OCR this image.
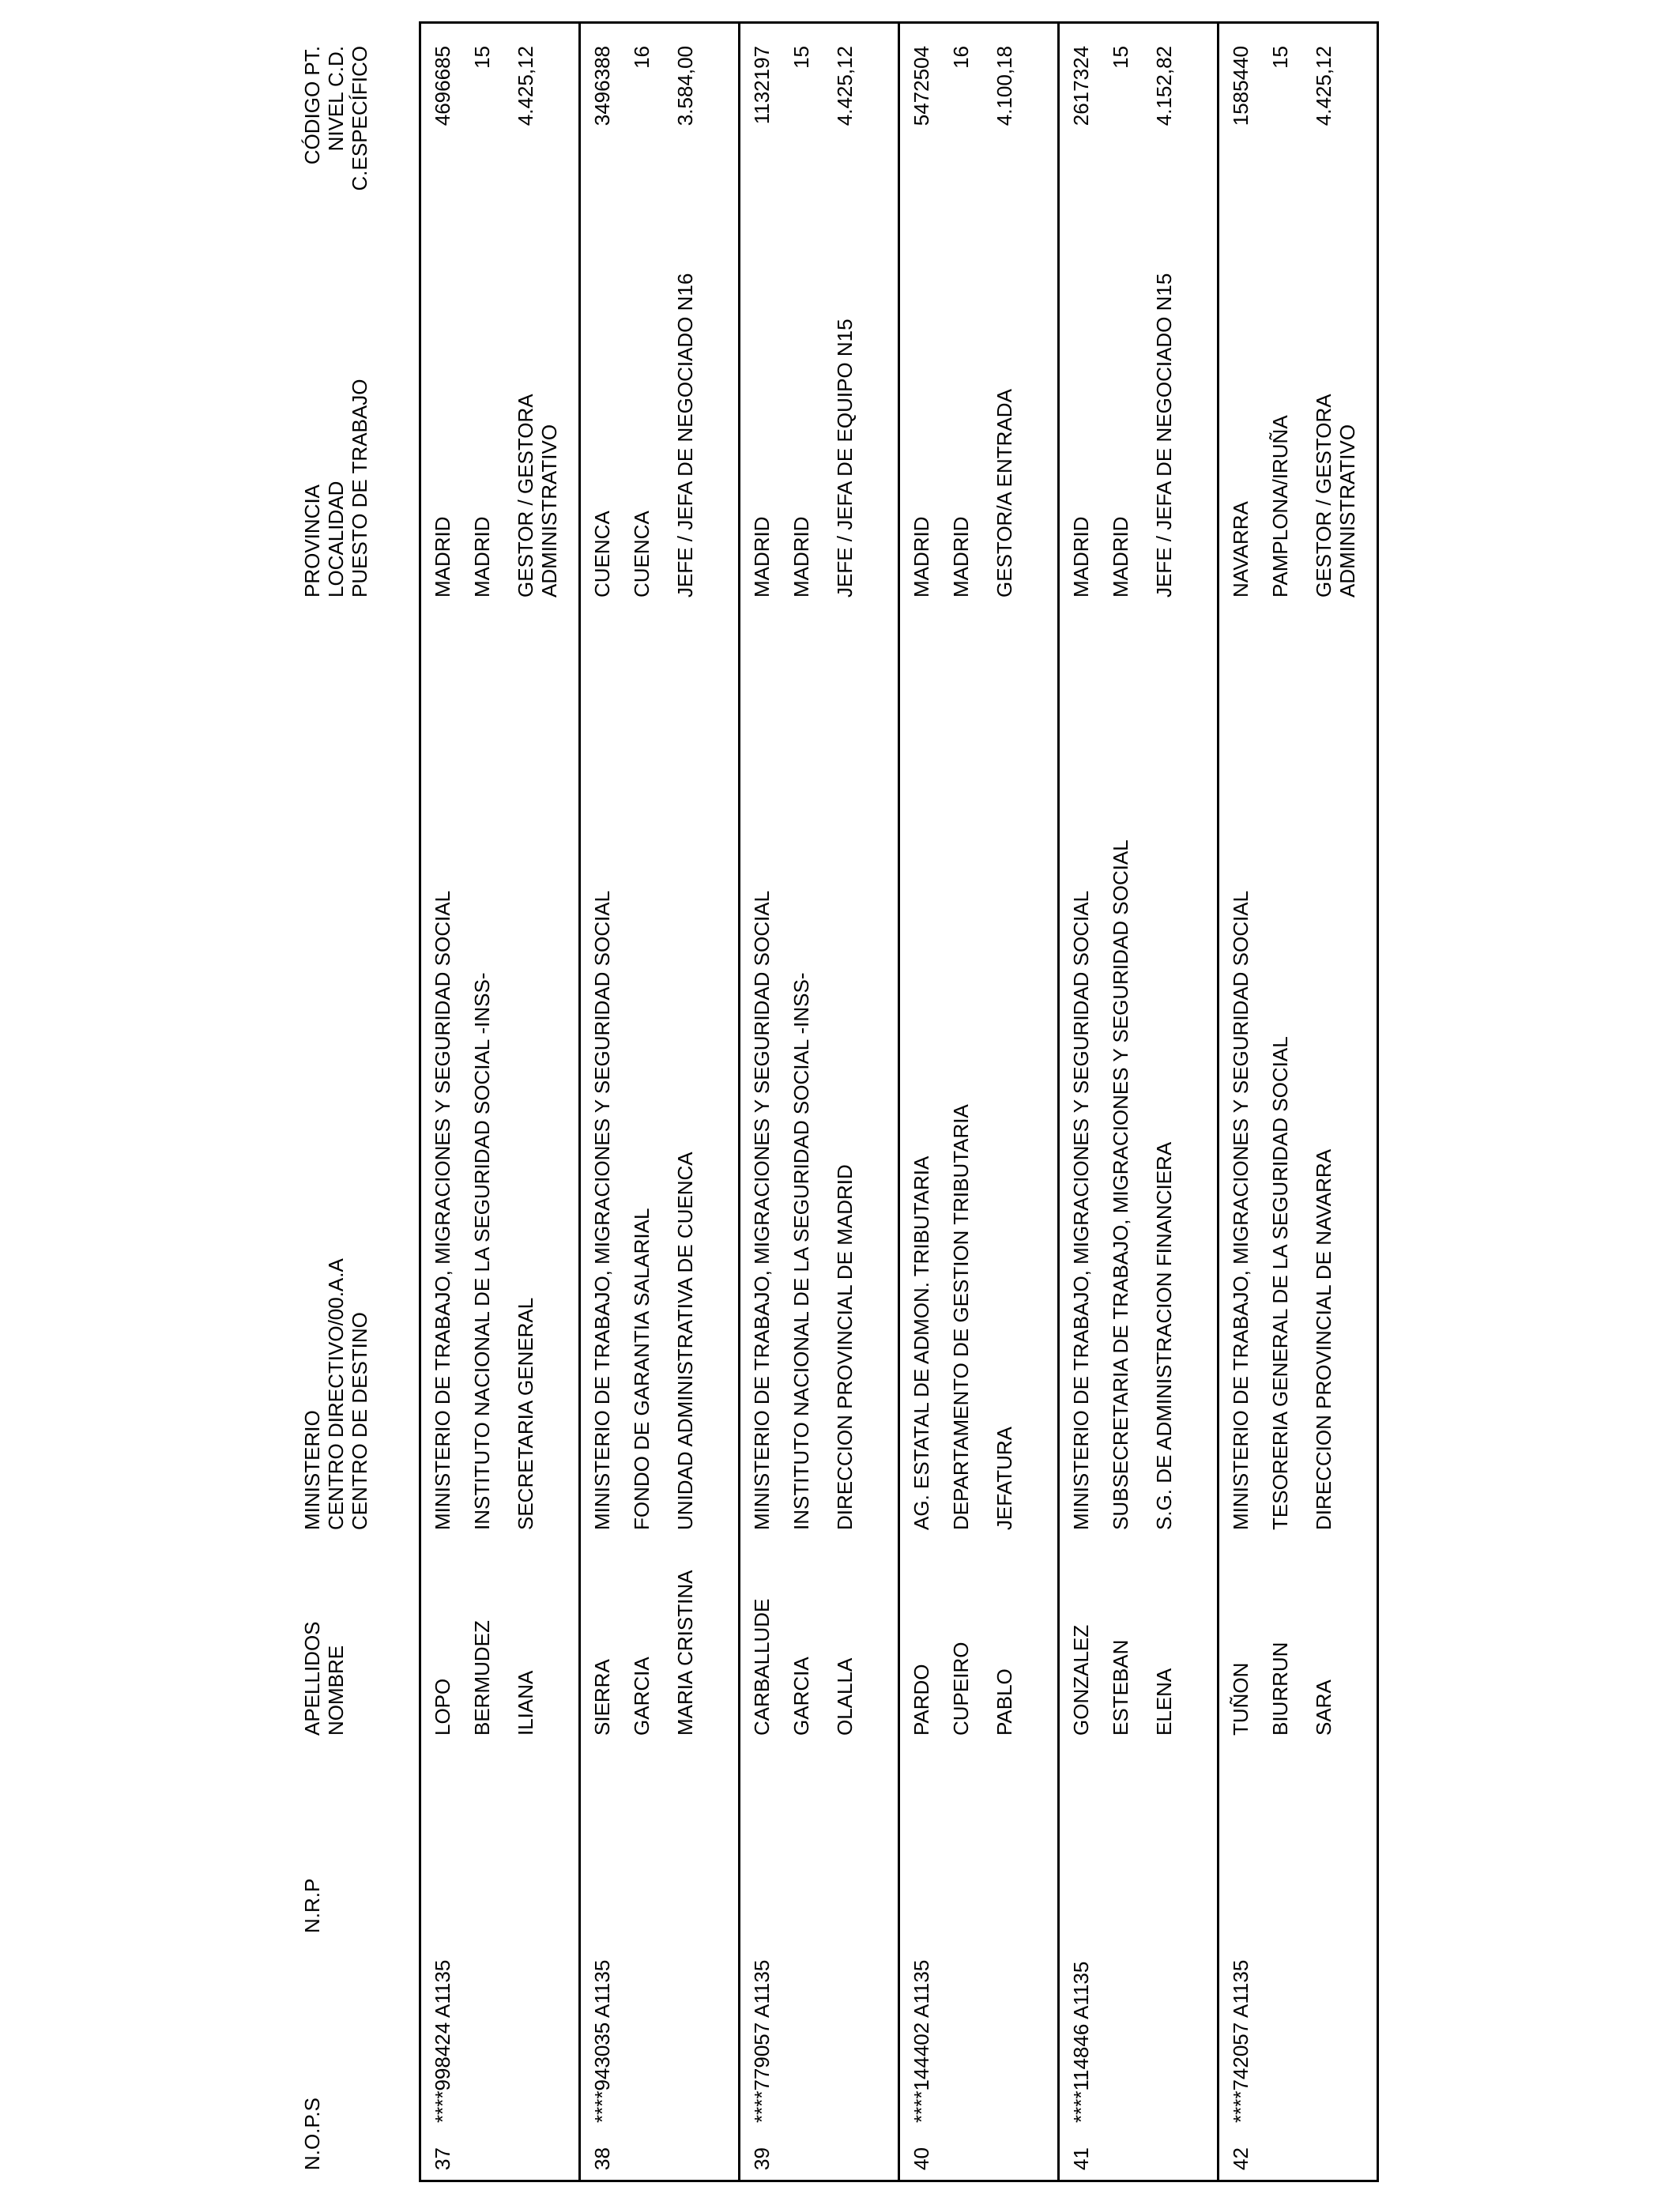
N.O.P.S
N.R.P
APELLIDOS NOMBRE
MINISTERIO CENTRO DIRECTIVO/00.A.A CENTRO DE DESTINO
PROVINCIA LOCALIDAD PUESTO DE TRABAJO
CÓDIGO PT. NIVEL C.D. C.ESPECÍFICO
37
****998424 A1135
LOPO BERMUDEZ ILIANA
MINISTERIO DE TRABAJO, MIGRACIONES Y SEGURIDAD SOCIAL INSTITUTO NACIONAL DE LA SEGURIDAD SOCIAL -INSS- SECRETARIA GENERAL
MADRID MADRID GESTOR / GESTORA ADMINISTRATIVO
4696685 15 4.425,12
38
****943035 A1135
SIERRA GARCIA MARIA CRISTINA
MINISTERIO DE TRABAJO, MIGRACIONES Y SEGURIDAD SOCIAL FONDO DE GARANTIA SALARIAL UNIDAD ADMINISTRATIVA DE CUENCA
CUENCA CUENCA JEFE / JEFA DE NEGOCIADO N16
3496388 16 3.584,00
39
****779057 A1135
CARBALLUDE GARCIA OLALLA
MINISTERIO DE TRABAJO, MIGRACIONES Y SEGURIDAD SOCIAL INSTITUTO NACIONAL DE LA SEGURIDAD SOCIAL -INSS- DIRECCION PROVINCIAL DE MADRID
MADRID MADRID JEFE / JEFA DE EQUIPO N15
1132197 15 4.425,12
40
****144402 A1135
PARDO CUPEIRO PABLO
AG. ESTATAL DE ADMON. TRIBUTARIA DEPARTAMENTO DE GESTION TRIBUTARIA JEFATURA
MADRID MADRID GESTOR/A ENTRADA
5472504 16 4.100,18
41
****114846 A1135
GONZALEZ ESTEBAN ELENA
MINISTERIO DE TRABAJO, MIGRACIONES Y SEGURIDAD SOCIAL SUBSECRETARIA DE TRABAJO, MIGRACIONES Y SEGURIDAD SOCIAL S.G. DE ADMINISTRACION FINANCIERA
MADRID MADRID JEFE / JEFA DE NEGOCIADO N15
2617324 15 4.152,82
42
****742057 A1135
TUÑON BIURRUN SARA
MINISTERIO DE TRABAJO, MIGRACIONES Y SEGURIDAD SOCIAL TESORERIA GENERAL DE LA SEGURIDAD SOCIAL DIRECCION PROVINCIAL DE NAVARRA
NAVARRA PAMPLONA/IRUÑA GESTOR / GESTORA ADMINISTRATIVO
1585440 15 4.425,12
